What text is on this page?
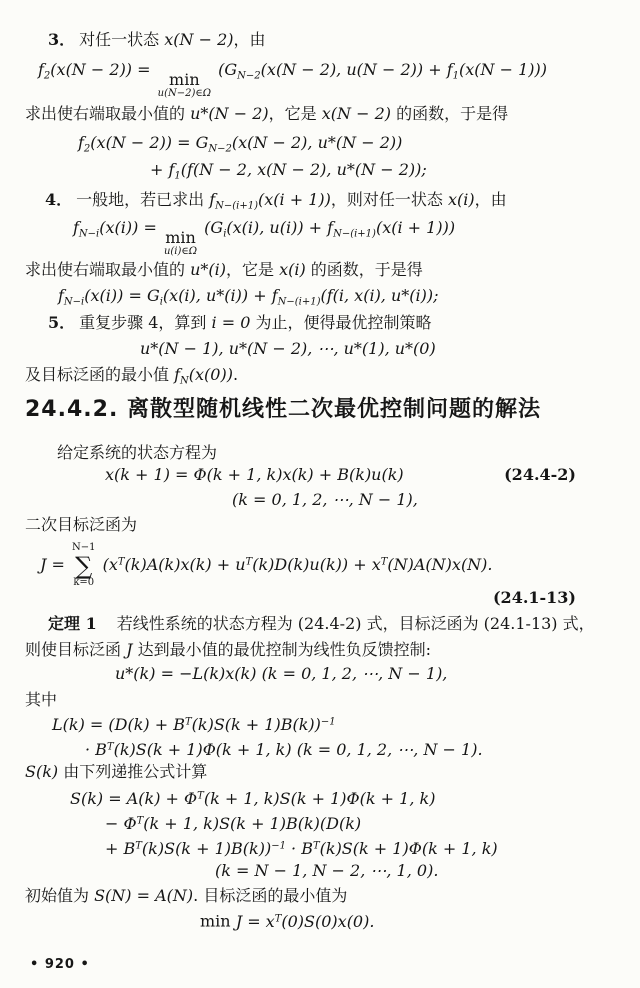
3． 对任一状态 x(N − 2)，由
$f_2(x(N - 2))$ =
min
u(N−2)∈Ω
($G_{N-2}(x(N - 2)$, $u(N - 2)) + f_1(x(N - 1))$)
求出使右端取最小值的 u*(N − 2)，它是 x(N − 2) 的函数，于是得
$f_2(x(N - 2)) = G_{N-2}(x(N - 2)$, u*(N − 2))
+ $f_1(f(N - 2$, x(N − 2), u*(N − 2));
4． 一般地，若已求出 $f_{N-(i+1)}(x(i + 1))$，则对任一状态 x(i)，由
$f_{N-i}(x(i))$ =
min
u(i)∈Ω
($G_i(x(i)$, $u(i)) + f_{N-(i+1)}(x(i + 1))$)
求出使右端取最小值的 u*(i)，它是 x(i) 的函数，于是得
$f_{N-i}(x(i)) = G_i(x(i)$, $u*(i)) + f_{N-(i+1)}(f(i$, x(i), u*(i));
5． 重复步骤 4，算到 i = 0 为止，便得最优控制策略
u*(N − 1), u*(N − 2), ⋯, u*(1), u*(0)
及目标泛函的最小值 $f_N(x(0))$.
24.4.2. 离散型随机线性二次最优控制问题的解法
给定系统的状态方程为
x(k + 1) = Φ(k + 1, k)x(k) + B(k)u(k)	(24.4-2)
(k = 0, 1, 2, ⋯, N − 1),
二次目标泛函为
J =
N−1
∑
k=0
$(x^T(k)A(k)x(k) + u^T(k)D(k)u(k)) + x^T(N)A(N)x(N)$.
(24.1-13)
定理 1　若线性系统的状态方程为 (24.4-2) 式，目标泛函为 (24.1-13) 式，
则使目标泛函 J 达到最小值的最优控制为线性负反馈控制:
u*(k) = −L(k)x(k) (k = 0, 1, 2, ⋯, N − 1),
其中
$L(k) = (D(k) + B^T(k)S(k + 1)B(k))^{-1}$
· $B^T(k)S(k + 1)\Phi(k + 1$, k) (k = 0, 1, 2, ⋯, N − 1).
S(k) 由下列递推公式计算
$S(k) = A(k) + \Phi^T(k + 1$, k)S(k + 1)Φ(k + 1, k)
− $\Phi^T(k + 1$, k)S(k + 1)B(k)(D(k)
+ $B^T(k)S(k + 1)B(k))^{-1} \cdot B^T(k)S(k + 1)\Phi(k + 1$, k)
(k = N − 1, N − 2, ⋯, 1, 0).
初始值为 S(N) = A(N). 目标泛函的最小值为
$\min J = x^T(0)S(0)x(0)$.
• 920 •
